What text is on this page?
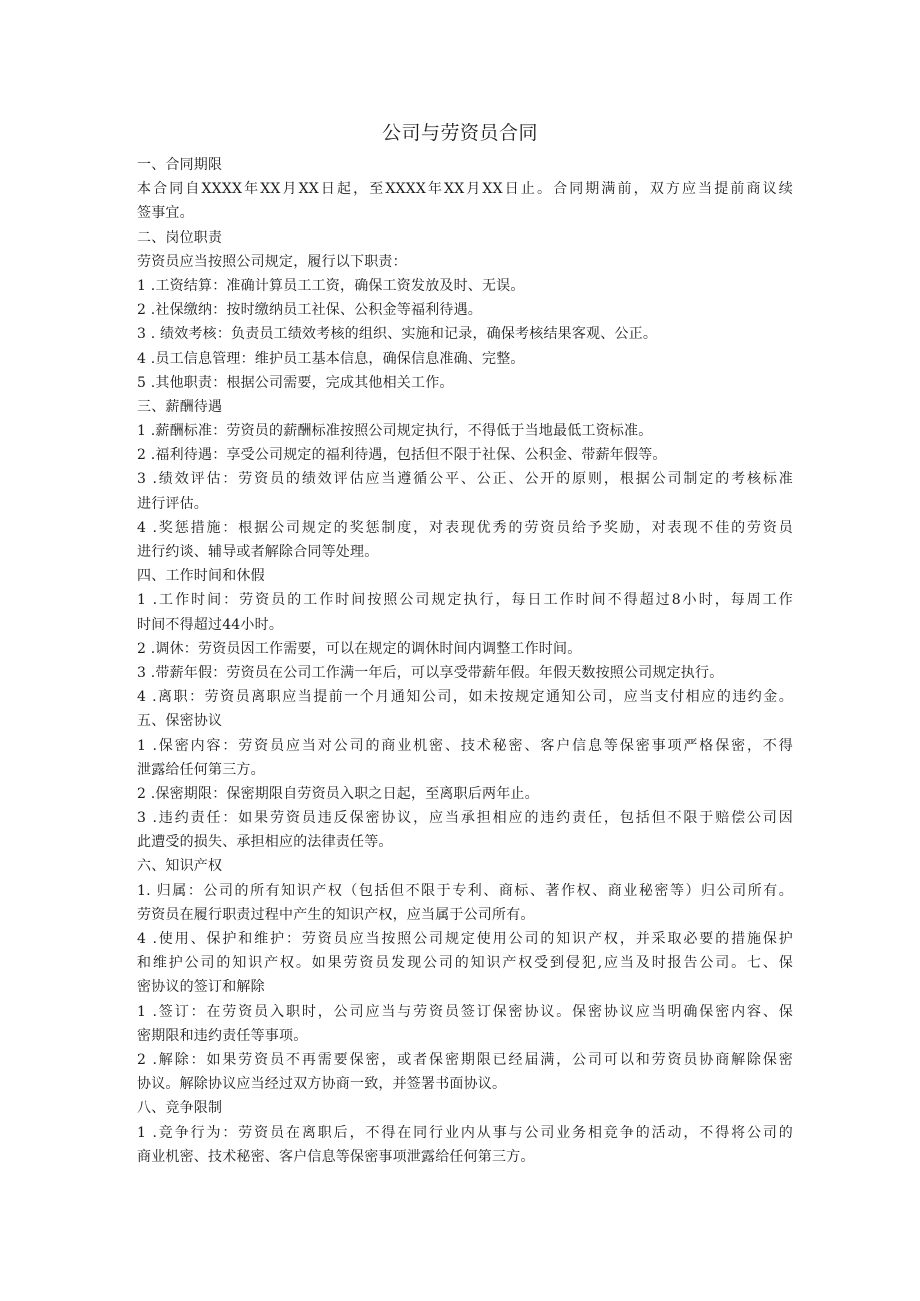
公司与劳资员合同
一、合同期限
本合同自XXXX年XX月XX日起，至XXXX年XX月XX日止。合同期满前，双方应当提前商议续
签事宜。
二、岗位职责
劳资员应当按照公司规定，履行以下职责：
1 .工资结算：准确计算员工工资，确保工资发放及时、无误。
2 .社保缴纳：按时缴纳员工社保、公积金等福利待遇。
3 . 绩效考核：负责员工绩效考核的组织、实施和记录，确保考核结果客观、公正。
4 .员工信息管理：维护员工基本信息，确保信息准确、完整。
5 .其他职责：根据公司需要，完成其他相关工作。
三、薪酬待遇
1 .薪酬标准：劳资员的薪酬标准按照公司规定执行，不得低于当地最低工资标准。
2 .福利待遇：享受公司规定的福利待遇，包括但不限于社保、公积金、带薪年假等。
3 .绩效评估：劳资员的绩效评估应当遵循公平、公正、公开的原则，根据公司制定的考核标准
进行评估。
4 .奖惩措施：根据公司规定的奖惩制度，对表现优秀的劳资员给予奖励，对表现不佳的劳资员
进行约谈、辅导或者解除合同等处理。
四、工作时间和休假
1 .工作时间：劳资员的工作时间按照公司规定执行，每日工作时间不得超过8小时，每周工作
时间不得超过44小时。
2 .调休：劳资员因工作需要，可以在规定的调休时间内调整工作时间。
3 .带薪年假：劳资员在公司工作满一年后，可以享受带薪年假。年假天数按照公司规定执行。
4 .离职：劳资员离职应当提前一个月通知公司，如未按规定通知公司，应当支付相应的违约金。
五、保密协议
1 .保密内容：劳资员应当对公司的商业机密、技术秘密、客户信息等保密事项严格保密，不得
泄露给任何第三方。
2 .保密期限：保密期限自劳资员入职之日起，至离职后两年止。
3 .违约责任：如果劳资员违反保密协议，应当承担相应的违约责任，包括但不限于赔偿公司因
此遭受的损失、承担相应的法律责任等。
六、知识产权
1. 归属：公司的所有知识产权（包括但不限于专利、商标、著作权、商业秘密等）归公司所有。
劳资员在履行职责过程中产生的知识产权，应当属于公司所有。
4 .使用、保护和维护：劳资员应当按照公司规定使用公司的知识产权，并采取必要的措施保护
和维护公司的知识产权。如果劳资员发现公司的知识产权受到侵犯,应当及时报告公司。七、保
密协议的签订和解除
1 .签订：在劳资员入职时，公司应当与劳资员签订保密协议。保密协议应当明确保密内容、保
密期限和违约责任等事项。
2 .解除：如果劳资员不再需要保密，或者保密期限已经届满，公司可以和劳资员协商解除保密
协议。解除协议应当经过双方协商一致，并签署书面协议。
八、竞争限制
1 .竞争行为：劳资员在离职后，不得在同行业内从事与公司业务相竞争的活动，不得将公司的
商业机密、技术秘密、客户信息等保密事项泄露给任何第三方。
